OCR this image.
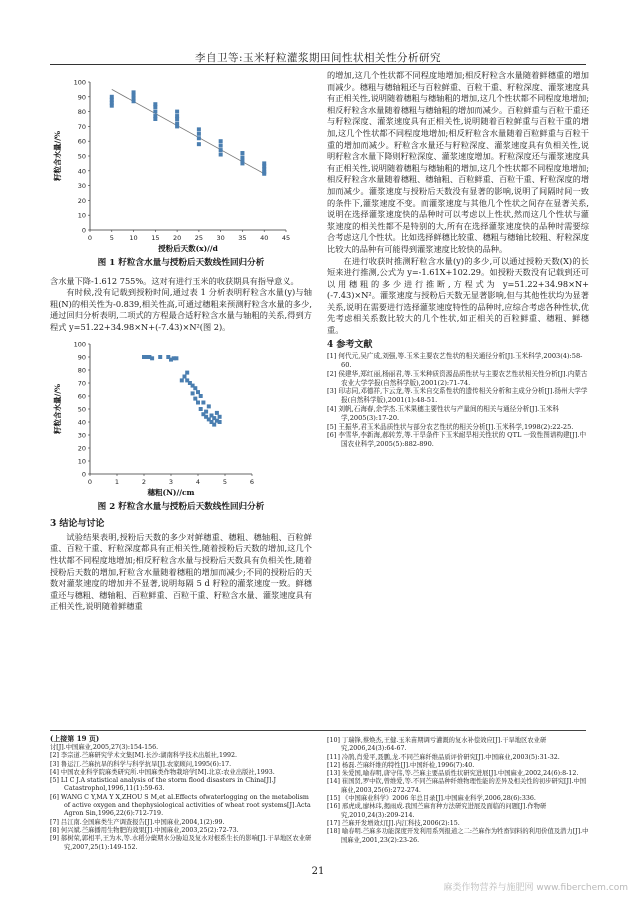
李自卫等:玉米籽粒灌浆期田间性状相关性分析研究
0
10
20
30
40
50
60
70
80
90
100
0	5 10 15 20 25 30 35 40 45
授粉后天数(x)//d
籽粒含水量//%
图 1 籽粒含水量与授粉后天数线性回归分析

含水量下降-1.612 755%。这对有进行玉米的收获期具有指导意义。

有时候,没有记载到授粉时间,通过表 1 分析表明籽粒含水量(y)与轴粗(N)的相关性为-0.839,相关性高,可通过穗粗来预测籽粒含水量的多少,通过回归分析表明,二项式的方程最合适籽粒含水量与轴粗的关系,得到方程式 y=51.22+34.98×N+(-7.43)×N²(图 2)。

0
10
20
30
40
50
60
70
80
90
100
0	1	2	3	4	5	6
穗粗(N)//cm
籽粒含水量//%
图 2 籽粒含水量与授粉后天数线性回归分析
3 结论与讨论

试验结果表明,授粉后天数的多少对鲜穗重、穗粗、穗轴粗、百粒鲜重、百粒干重、籽粒深度都具有正相关性,随着授粉后天数的增加,这几个性状都不同程度地增加;相反籽粒含水量与授粉后天数具有负相关性,随着授粉后天数的增加,籽粒含水量随着穗粗的增加而减少;不同的授粉后的天数对灌浆速度的增加并不显著,说明每隔 5 d 籽粒的灌浆速度一致。鲜穗重还与穗粗、穗轴粗、百粒鲜重、百粒干重、籽粒含水量、灌浆速度具有正相关性,说明随着鲜穗重

的增加,这几个性状都不同程度地增加;相反籽粒含水量随着鲜穗重的增加而减少。穗粗与穗轴粗还与百粒鲜重、百粒干重、籽粒深度、灌浆速度具有正相关性,说明随着穗粗与穗轴粗的增加,这几个性状都不同程度地增加;相反籽粒含水量随着穗粗与穗轴粗的增加而减少。百粒鲜重与百粒干重还与籽粒深度、灌浆速度具有正相关性,说明随着百粒鲜重与百粒干重的增加,这几个性状都不同程度地增加;相反籽粒含水量随着百粒鲜重与百粒干重的增加而减少。籽粒含水量还与籽粒深度、灌浆速度具有负相关性,说明籽粒含水量下降则籽粒深度、灌浆速度增加。籽粒深度还与灌浆速度具有正相关性,说明随着穗粗与穗轴粗的增加,这几个性状都不同程度地增加;相反籽粒含水量随着穗粗、穗轴粗、百粒鲜重、百粒干重、籽粒深度的增加而减少。灌浆速度与授粉后天数没有显著的影响,说明了间隔时间一致的条件下,灌浆速度不变。而灌浆速度与其他几个性状之间存在显著关系,说明在选择灌浆速度快的品种时可以考虑以上性状,然而这几个性状与灌浆速度的相关性都不是特别的大,所有在选择灌浆速度快的品种时需要综合考虑这几个性状。比如选择鲜穗比较重、穗粗与穗轴比较粗、籽粒深度比较大的品种有可能得到灌浆速度比较快的品种。

在进行收获时推测籽粒含水量(y)的多少,可以通过授粉天数(X)的长短来进行推测,公式为 y=-1.61X+102.29。如授粉天数没有记载到还可以用穗粗的多少进行推断,方程式为 y=51.22+34.98×N+(-7.43)×N²。灌浆速度与授粉后天数无显著影响,但与其他性状均为显著关系,说明在需要进行选择灌浆速度特性的品种时,应综合考虑各种性状,优先考虑相关系数比较大的几个性状,如正相关的百粒鲜重、穗粗、鲜穗重。

4 参考文献
[1] 何代元,吴广成,刘强,等.玉米主要农艺性状的相关通径分析[J].玉米科学,2003(4):58-60.
[2] 侯建华,郑红丽,杨丽君,等.玉米种质资源品质性状与主要农艺性状相关性分析[J].内蒙古农业大学学报(自然科学版),2001(2):71-74.
[3] 印志同,邓德祥,卞云龙,等.玉米自交系性状的遗传相关分析和主成分分析[J].扬州大学学报(自然科学版),2001(1):48-51.
[4] 刘帆,石海春,余学杰.玉米果穗主要性状与产量间的相关与通径分析[J].玉米科学,2005(3):17-20.
[5] 王振华,君玉米品质性状与部分农艺性状的相关分析[J].玉米科学,1998(2):22-25.
[6] 李雪华,李新海,郝转芳,等.干旱条件下玉米耐旱相关性状的 QTL 一致性图谱构建[J].中国农业科学,2005(5):882-890.
(上接第 19 页)
讨[J].中国麻业,2005,27(3):154-156.
[2] 李宗道.苎麻研究学术文集[M].长沙:湖南科学技术出版社,1992.
[3] 鲁运江.苎麻抗旱的科学与科学抗旱[J].农家顾问,1995(6):17.
[4] 中国农业科学院麻类研究所.中国麻类作物栽培学[M].北京:农业出版社,1993.
[5] LI C J.A statistical analysis of the storm flood disasters in China[J].J Catastrophol,1996,11(1):59-63.
[6] WANG C Y,MA Y X,ZHOU S M,et al.Effects ofwaterlogging on the metabolism of active oxygen and thephysiological activities of wheat root systems[J].Acta Agron Sin,1996,22(6):712-719.
[7] 吕江南.全国麻类生产调查报告[J].中国麻业,2004,1(2):99.
[8] 何兴斌.苎麻播用生物肥的效果[J].中国麻业,2003,25(2):72-73.
[9] 郝树荣,郭相平,王为木,等.水稻分蘖期水分胁迫及复水对根系生长的影响[J].干旱地区农业研究,2007,25(1):149-152.
[10] 丁瑞锋,蔡焕杰,王健.玉米苗期调亏灌溉的复水补偿效应[J].干旱地区农业研究,2006,24(3):64-67.
[11] 冷鹃,肖爱平,聂鹏,龙.不同苎麻纤维品质评价研究[J].中国麻业,2003(5):31-32.
[12] 杨磊.苎麻纤维的特性[J].中国纤检,1996(7):40.
[13] 朱爱国,喻春明,唐守伟,等.苎麻主要品质性状研究进展[J].中国麻业,2002,24(6):8-12.
[14] 崔国贤,罗中钦,曾维爱,等.不同苎麻品种纤维物理性能的差异及相关性的初步研究[J].中国麻业,2003,25(6):272-274.
[15] 《中国麻业科学》2006 年总目录[J].中国麻业科学,2006,28(6):336.
[16] 邢虎成,廖林玮,揭雨成.我国苎麻育种方法研究进展及面临的问题[J].作物研究,2010,24(3):209-214.
[17] 苎麻开发增效灯[J].内江科技,2006(2):15.
[18] 喻春明.苎麻多功能深度开发利用系列报道之二:苎麻作为牲畜饲料的利用价值及潜力[J].中国麻业,2001,23(2):23-26.
21
麻类作物营养与施肥网 www.fiberchem.com
